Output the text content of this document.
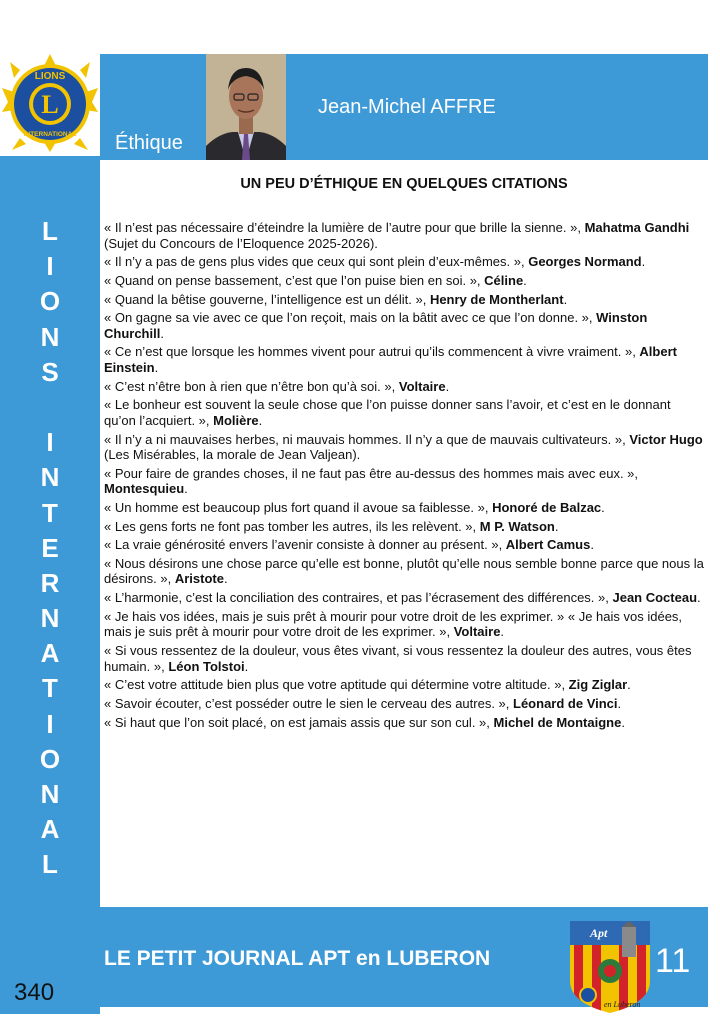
LIONS
L
INTERNATIONAL Éthique
Jean-Michel AFFRE
L
I
O
N
S
I
N
T
E
R
N
A
T
I
O
N
A
L
UN PEU D’ÉTHIQUE EN QUELQUES CITATIONS

« Il n’est pas nécessaire d’éteindre la lumière de l’autre pour que brille la sienne. », Mahatma Gandhi (Sujet du Concours de l’Eloquence 2025-2026).

« Il n’y a pas de gens plus vides que ceux qui sont plein d’eux-mêmes. », Georges Normand.

« Quand on pense bassement, c’est que l’on puise bien en soi. », Céline.

« Quand la bêtise gouverne, l’intelligence est un délit. », Henry de Montherlant.

« On gagne sa vie avec ce que l’on reçoit, mais on la bâtit avec ce que l’on donne. », Winston Churchill.

« Ce n’est que lorsque les hommes vivent pour autrui qu’ils commencent à vivre vraiment. », Albert Einstein.

« C’est n’être bon à rien que n’être bon qu’à soi. », Voltaire.

« Le bonheur est souvent la seule chose que l’on puisse donner sans l’avoir, et c’est en le donnant qu’on l’acquiert. », Molière.

« Il n’y a ni mauvaises herbes, ni mauvais hommes. Il n’y a que de mauvais cultivateurs. », Victor Hugo (Les Misérables, la morale de Jean Valjean).

« Pour faire de grandes choses, il ne faut pas être au-dessus des hommes mais avec eux. », Montesquieu.

« Un homme est beaucoup plus fort quand il avoue sa faiblesse. », Honoré de Balzac.

« Les gens forts ne font pas tomber les autres, ils les relèvent. », M P. Watson.

« La vraie générosité envers l’avenir consiste à donner au présent. », Albert Camus.

« Nous désirons une chose parce qu’elle est bonne, plutôt qu’elle nous semble bonne parce que nous la désirons. », Aristote.

« L’harmonie, c’est la conciliation des contraires, et pas l’écrasement des différences. », Jean Cocteau.

« Je hais vos idées, mais je suis prêt à mourir pour votre droit de les exprimer. » « Je hais vos idées, mais je suis prêt à mourir pour votre droit de les exprimer. », Voltaire.

« Si vous ressentez de la douleur, vous êtes vivant, si vous ressentez la douleur des autres, vous êtes humain. », Léon Tolstoi.

« C’est votre attitude bien plus que votre aptitude qui détermine votre altitude. », Zig Ziglar.

« Savoir écouter, c’est posséder outre le sien le cerveau des autres. », Léonard de Vinci.

« Si haut que l’on soit placé, on est jamais assis que sur son cul. », Michel de Montaigne.

LE PETIT JOURNAL APT en LUBERON	11
340
Apt
en Luberon
